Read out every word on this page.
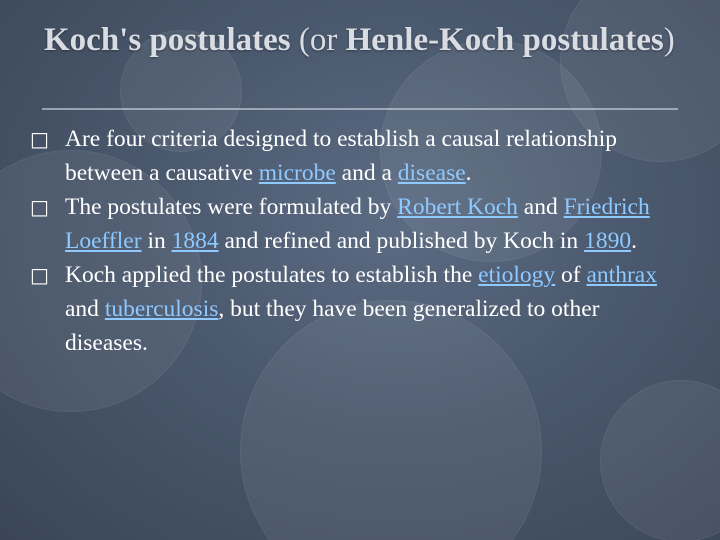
Koch's postulates (or Henle-Koch postulates)
□ Are four criteria designed to establish a causal relationship between a causative microbe and a disease.
□ The postulates were formulated by Robert Koch and Friedrich Loeffler in 1884 and refined and published by Koch in 1890.
□ Koch applied the postulates to establish the etiology of anthrax and tuberculosis, but they have been generalized to other diseases.
